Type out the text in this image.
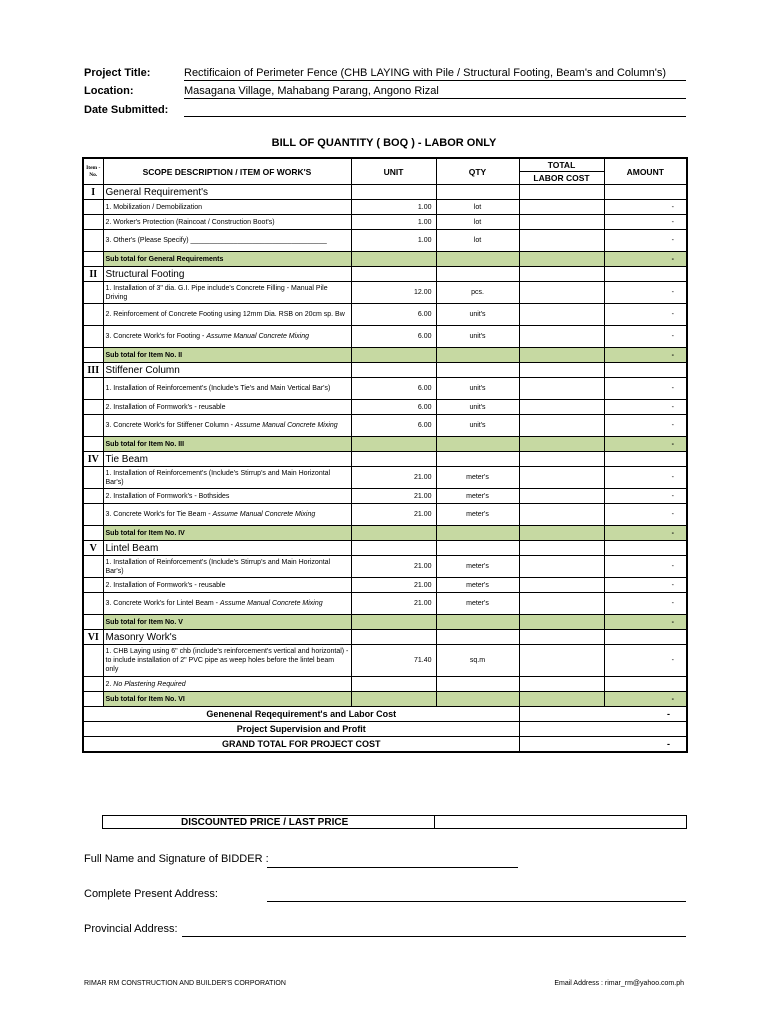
Project Title:	Rectificaion of Perimeter Fence (CHB LAYING with Pile / Structural Footing, Beam's and Column's)
Location:	Masagana Village, Mahabang Parang, Angono Rizal
Date Submitted:
BILL OF QUANTITY ( BOQ ) - LABOR ONLY
Item - No.	SCOPE DESCRIPTION / ITEM OF WORK'S	UNIT	QTY	TOTAL	AMOUNT
				LABOR COST	
I	General Requirement's				
	1. Mobilization / Demobilization	1.00	lot		-
	2. Worker's Protection (Raincoat / Construction Boot's)	1.00	lot		-
	3. Other's (Please Specify) ___________________________________	1.00	lot		-
	Sub total for General Requirements				-
II	Structural Footing				
	1. Installation of 3" dia. G.I. Pipe include's Concrete Filling - Manual Pile Driving	12.00	pcs.		-
	2. Reinforcement of Concrete Footing using 12mm Dia. RSB on 20cm sp. Bw	6.00	unit's		-
	3. Concrete Work's for Footing - Assume Manual Concrete Mixing	6.00	unit's		-
	Sub total for Item No. II				-
III	Stiffener Column				
	1. Installation of Reinforcement's (Include's Tie's and Main Vertical Bar's)	6.00	unit's		-
	2. Installation of Formwork's - reusable	6.00	unit's		-
	3. Concrete Work's for Stiffener Column - Assume Manual Concrete Mixing	6.00	unit's		-
	Sub total for Item No. III				-
IV	Tie Beam				
	1. Installation of Reinforcement's (Include's Stirrup's and Main Horizontal Bar's)	21.00	meter's		-
	2. Installation of Formwork's - Bothsides	21.00	meter's		-
	3. Concrete Work's for Tie Beam - Assume Manual Concrete Mixing	21.00	meter's		-
	Sub total for Item No. IV				-
V	Lintel Beam				
	1. Installation of Reinforcement's (Include's Stirrup's and Main Horizontal Bar's)	21.00	meter's		-
	2. Installation of Formwork's - reusable	21.00	meter's		-
	3. Concrete Work's for Lintel Beam - Assume Manual Concrete Mixing	21.00	meter's		-
	Sub total for Item No. V				-
VI	Masonry Work's				
	1. CHB Laying using 6" chb (include's reinforcement's vertical and horizontal) - to include installation of 2" PVC pipe as weep holes before the lintel beam only	71.40	sq.m		-
	2. No Plastering Required				
	Sub total for Item No. VI				-
Genenenal Reqequirement's and Labor Cost				-	
Project Supervision and Profit					
GRAND TOTAL FOR PROJECT COST				-	
DISCOUNTED PRICE / LAST PRICE	
Full Name and Signature of BIDDER :
Complete Present Address:
Provincial Address:
RIMAR RM CONSTRUCTION AND BUILDER'S CORPORATION	Email Address : rimar_rm@yahoo.com.ph
